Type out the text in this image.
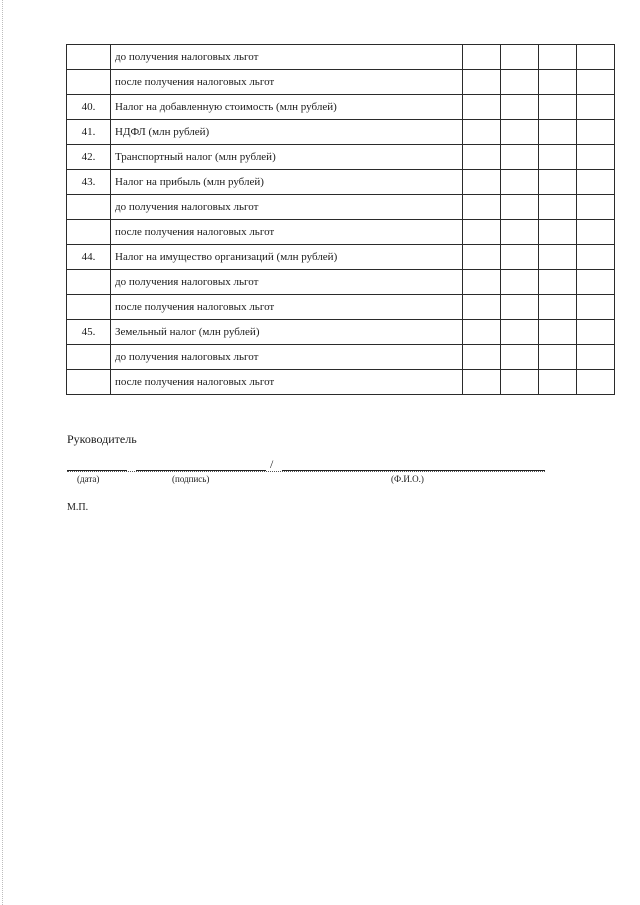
	до получения налоговых льгот				
	после получения налоговых льгот				
40.	Налог на добавленную стоимость (млн рублей)				
41.	НДФЛ (млн рублей)				
42.	Транспортный налог (млн рублей)				
43.	Налог на прибыль (млн рублей)				
	до получения налоговых льгот				
	после получения налоговых льгот				
44.	Налог на имущество организаций (млн рублей)				
	до получения налоговых льгот				
	после получения налоговых льгот				
45.	Земельный налог (млн рублей)				
	до получения налоговых льгот				
	после получения налоговых льгот				
Руководитель
/
(дата)	(подпись)	(Ф.И.О.)
М.П.
